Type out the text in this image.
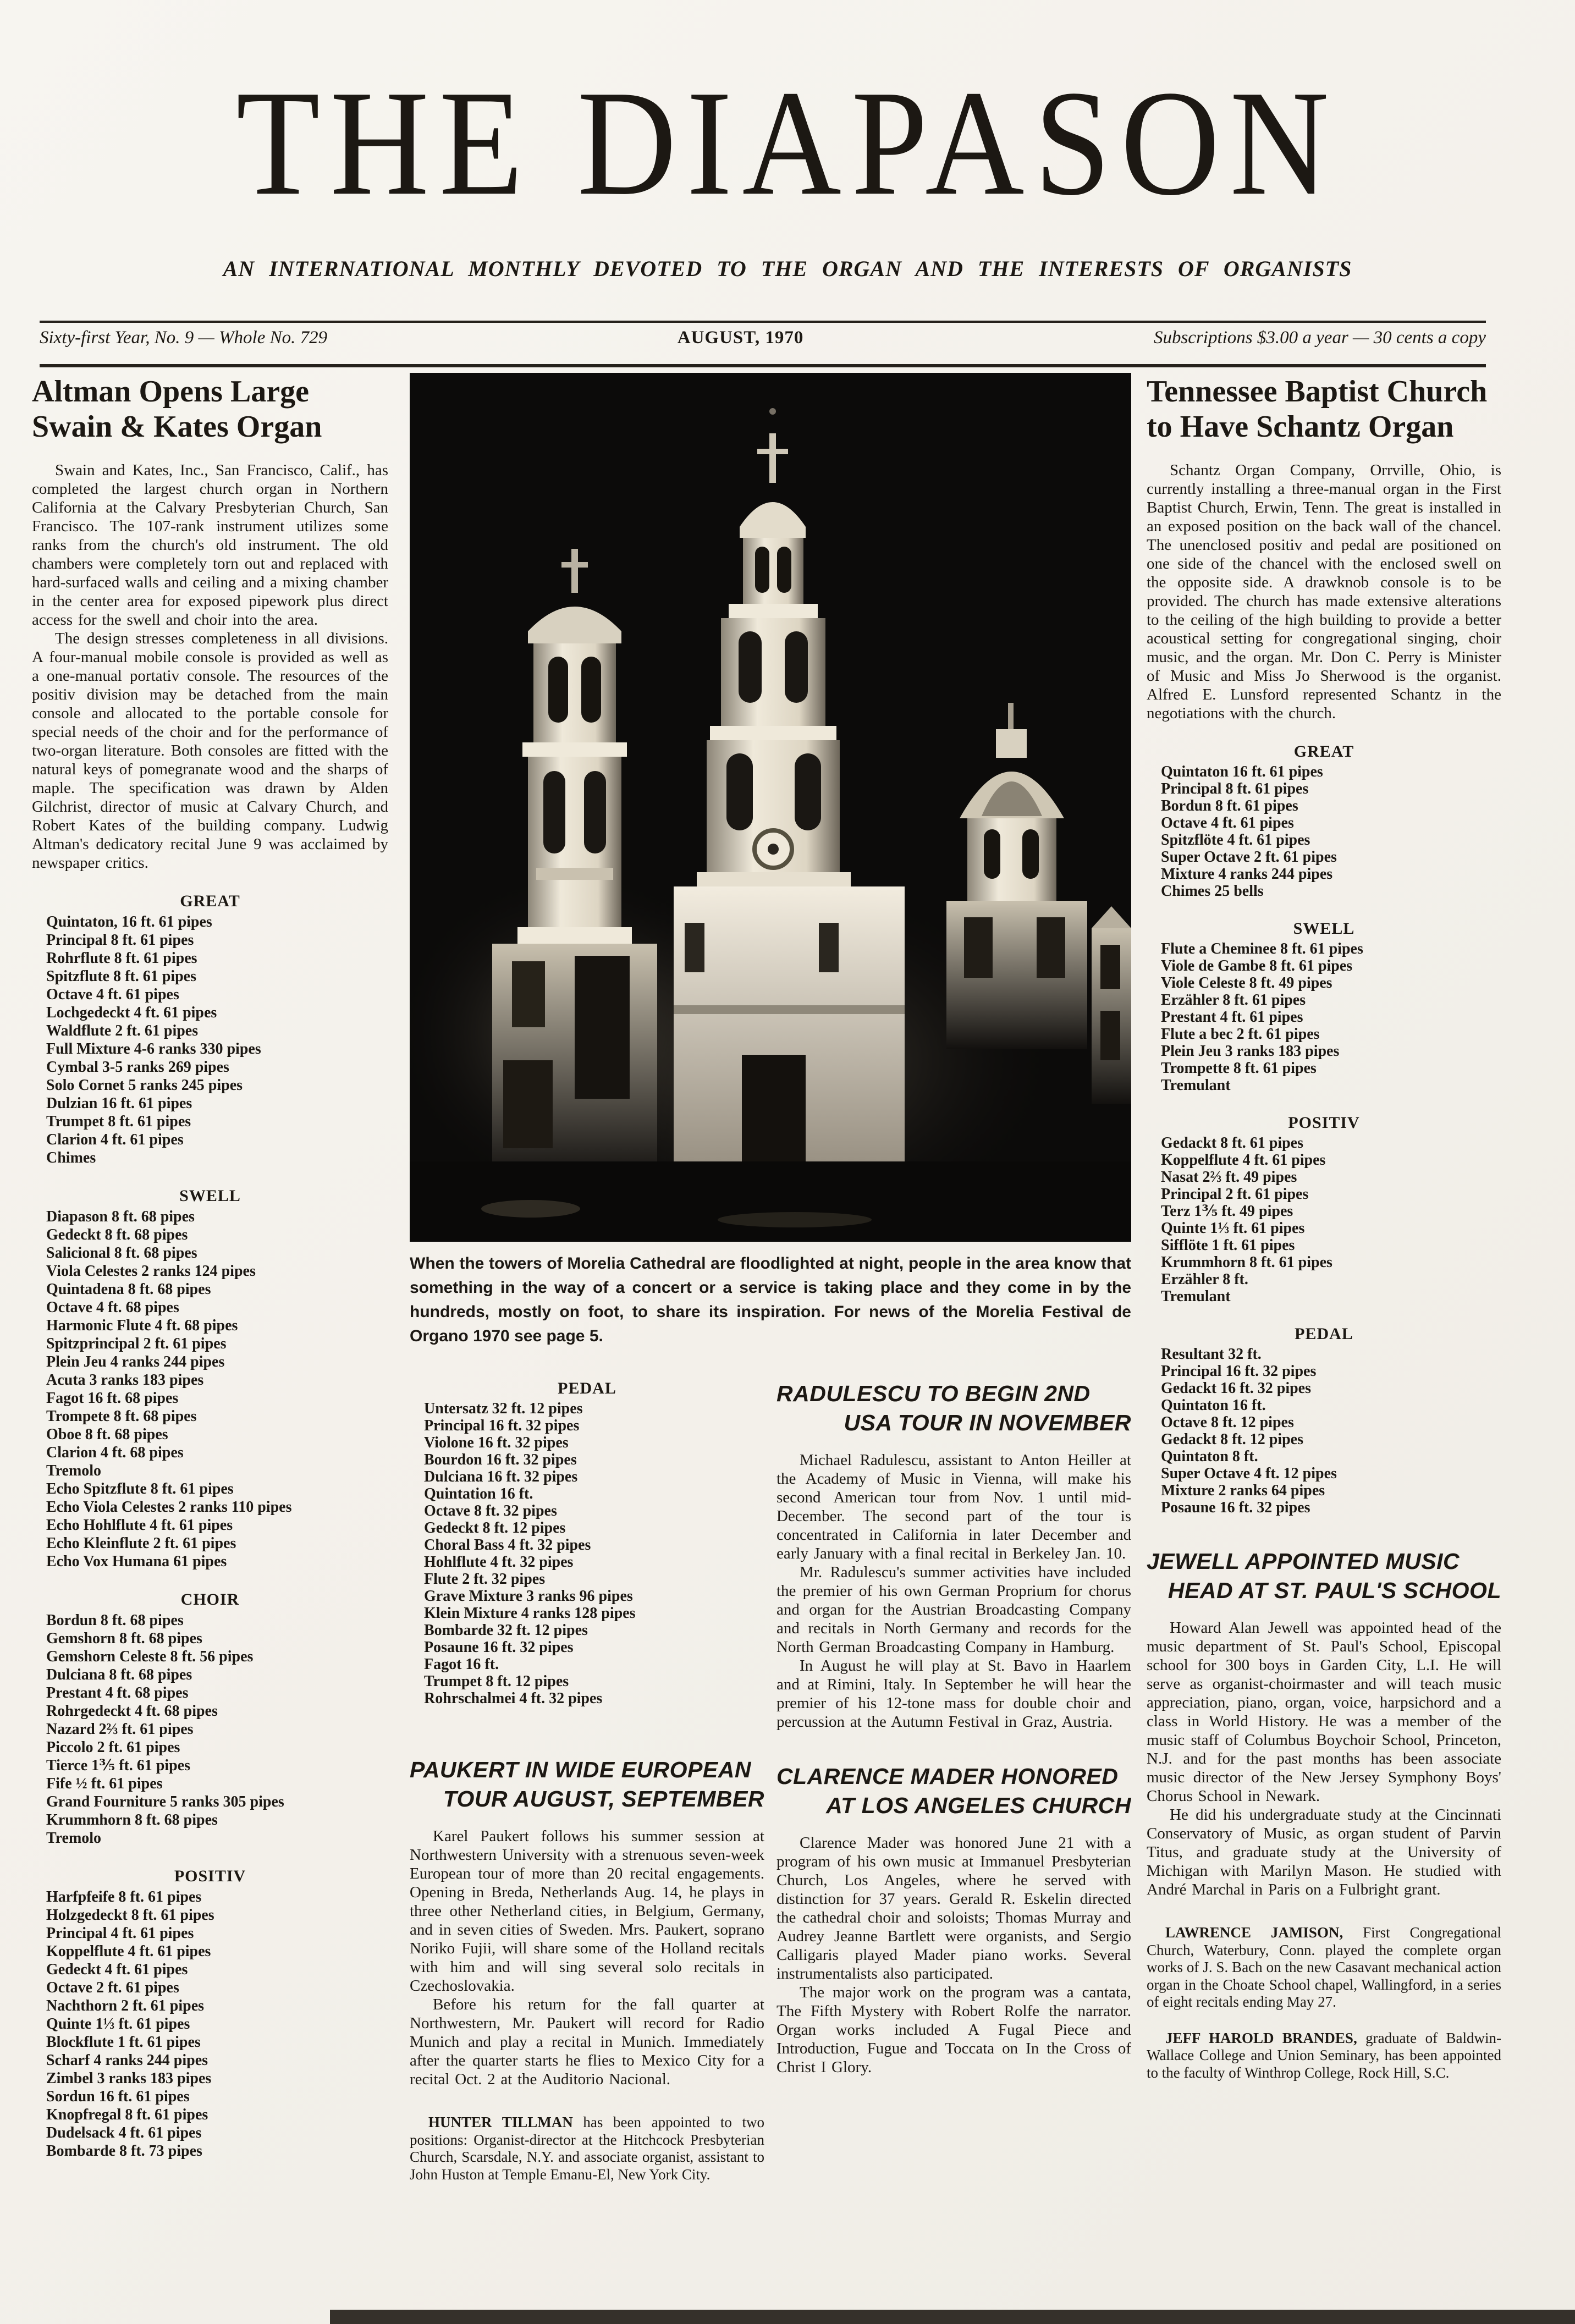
THE DIAPASON
AN INTERNATIONAL MONTHLY DEVOTED TO THE ORGAN AND THE INTERESTS OF ORGANISTS
Sixty-first Year, No. 9 — Whole No. 729	AUGUST, 1970	Subscriptions $3.00 a year — 30 cents a copy
Altman Opens Large
Swain & Kates Organ

Swain and Kates, Inc., San Francisco, Calif., has completed the largest church organ in Northern California at the Calvary Presbyterian Church, San Francisco. The 107-rank instrument utilizes some ranks from the church's old instrument. The old chambers were completely torn out and replaced with hard-surfaced walls and ceiling and a mixing chamber in the center area for exposed pipework plus direct access for the swell and choir into the area.

The design stresses completeness in all divisions. A four-manual mobile console is provided as well as a one-manual portativ console. The resources of the positiv division may be detached from the main console and allocated to the portable console for special needs of the choir and for the performance of two-organ literature. Both consoles are fitted with the natural keys of pomegranate wood and the sharps of maple. The specification was drawn by Alden Gilchrist, director of music at Calvary Church, and Robert Kates of the building company. Ludwig Altman's dedicatory recital June 9 was acclaimed by newspaper critics.

GREAT
Quintaton, 16 ft. 61 pipes
Principal 8 ft. 61 pipes
Rohrflute 8 ft. 61 pipes
Spitzflute 8 ft. 61 pipes
Octave 4 ft. 61 pipes
Lochgedeckt 4 ft. 61 pipes
Waldflute 2 ft. 61 pipes
Full Mixture 4-6 ranks 330 pipes
Cymbal 3-5 ranks 269 pipes
Solo Cornet 5 ranks 245 pipes
Dulzian 16 ft. 61 pipes
Trumpet 8 ft. 61 pipes
Clarion 4 ft. 61 pipes
Chimes
SWELL
Diapason 8 ft. 68 pipes
Gedeckt 8 ft. 68 pipes
Salicional 8 ft. 68 pipes
Viola Celestes 2 ranks 124 pipes
Quintadena 8 ft. 68 pipes
Octave 4 ft. 68 pipes
Harmonic Flute 4 ft. 68 pipes
Spitzprincipal 2 ft. 61 pipes
Plein Jeu 4 ranks 244 pipes
Acuta 3 ranks 183 pipes
Fagot 16 ft. 68 pipes
Trompete 8 ft. 68 pipes
Oboe 8 ft. 68 pipes
Clarion 4 ft. 68 pipes
Tremolo
Echo Spitzflute 8 ft. 61 pipes
Echo Viola Celestes 2 ranks 110 pipes
Echo Hohlflute 4 ft. 61 pipes
Echo Kleinflute 2 ft. 61 pipes
Echo Vox Humana 61 pipes
CHOIR
Bordun 8 ft. 68 pipes
Gemshorn 8 ft. 68 pipes
Gemshorn Celeste 8 ft. 56 pipes
Dulciana 8 ft. 68 pipes
Prestant 4 ft. 68 pipes
Rohrgedeckt 4 ft. 68 pipes
Nazard 2⅔ ft. 61 pipes
Piccolo 2 ft. 61 pipes
Tierce 1⅗ ft. 61 pipes
Fife ½ ft. 61 pipes
Grand Fourniture 5 ranks 305 pipes
Krummhorn 8 ft. 68 pipes
Tremolo
POSITIV
Harfpfeife 8 ft. 61 pipes
Holzgedeckt 8 ft. 61 pipes
Principal 4 ft. 61 pipes
Koppelflute 4 ft. 61 pipes
Gedeckt 4 ft. 61 pipes
Octave 2 ft. 61 pipes
Nachthorn 2 ft. 61 pipes
Quinte 1⅓ ft. 61 pipes
Blockflute 1 ft. 61 pipes
Scharf 4 ranks 244 pipes
Zimbel 3 ranks 183 pipes
Sordun 16 ft. 61 pipes
Knopfregal 8 ft. 61 pipes
Dudelsack 4 ft. 61 pipes
Bombarde 8 ft. 73 pipes

When the towers of Morelia Cathedral are floodlighted at night, people in the area know that something in the way of a concert or a service is taking place and they come in by the hundreds, mostly on foot, to share its inspiration. For news of the Morelia Festival de Organo 1970 see page 5.

PEDAL
Untersatz 32 ft. 12 pipes
Principal 16 ft. 32 pipes
Violone 16 ft. 32 pipes
Bourdon 16 ft. 32 pipes
Dulciana 16 ft. 32 pipes
Quintation 16 ft.
Octave 8 ft. 32 pipes
Gedeckt 8 ft. 12 pipes
Choral Bass 4 ft. 32 pipes
Hohlflute 4 ft. 32 pipes
Flute 2 ft. 32 pipes
Grave Mixture 3 ranks 96 pipes
Klein Mixture 4 ranks 128 pipes
Bombarde 32 ft. 12 pipes
Posaune 16 ft. 32 pipes
Fagot 16 ft.
Trumpet 8 ft. 12 pipes
Rohrschalmei 4 ft. 32 pipes
PAUKERT IN WIDE EUROPEAN
TOUR AUGUST, SEPTEMBER

Karel Paukert follows his summer session at Northwestern University with a strenuous seven-week European tour of more than 20 recital engagements. Opening in Breda, Netherlands Aug. 14, he plays in three other Netherland cities, in Belgium, Germany, and in seven cities of Sweden. Mrs. Paukert, soprano Noriko Fujii, will share some of the Holland recitals with him and will sing several solo recitals in Czechoslovakia.

Before his return for the fall quarter at Northwestern, Mr. Paukert will record for Radio Munich and play a recital in Munich. Immediately after the quarter starts he flies to Mexico City for a recital Oct. 2 at the Auditorio Nacional.

HUNTER TILLMAN has been appointed to two positions: Organist-director at the Hitchcock Presbyterian Church, Scarsdale, N.Y. and associate organist, assistant to John Huston at Temple Emanu-El, New York City.

RADULESCU TO BEGIN 2ND
USA TOUR IN NOVEMBER

Michael Radulescu, assistant to Anton Heiller at the Academy of Music in Vienna, will make his second American tour from Nov. 1 until mid-December. The second part of the tour is concentrated in California in later December and early January with a final recital in Berkeley Jan. 10.

Mr. Radulescu's summer activities have included the premier of his own German Proprium for chorus and organ for the Austrian Broadcasting Company and recitals in North Germany and records for the North German Broadcasting Company in Hamburg.

In August he will play at St. Bavo in Haarlem and at Rimini, Italy. In September he will hear the premier of his 12-tone mass for double choir and percussion at the Autumn Festival in Graz, Austria.

CLARENCE MADER HONORED
AT LOS ANGELES CHURCH

Clarence Mader was honored June 21 with a program of his own music at Immanuel Presbyterian Church, Los Angeles, where he served with distinction for 37 years. Gerald R. Eskelin directed the cathedral choir and soloists; Thomas Murray and Audrey Jeanne Bartlett were organists, and Sergio Calligaris played Mader piano works. Several instrumentalists also participated.

The major work on the program was a cantata, The Fifth Mystery with Robert Rolfe the narrator. Organ works included A Fugal Piece and Introduction, Fugue and Toccata on In the Cross of Christ I Glory.

Tennessee Baptist Church
to Have Schantz Organ

Schantz Organ Company, Orrville, Ohio, is currently installing a three-manual organ in the First Baptist Church, Erwin, Tenn. The great is installed in an exposed position on the back wall of the chancel. The unenclosed positiv and pedal are positioned on one side of the chancel with the enclosed swell on the opposite side. A drawknob console is to be provided. The church has made extensive alterations to the ceiling of the high building to provide a better acoustical setting for congregational singing, choir music, and the organ. Mr. Don C. Perry is Minister of Music and Miss Jo Sherwood is the organist. Alfred E. Lunsford represented Schantz in the negotiations with the church.

GREAT
Quintaton 16 ft. 61 pipes
Principal 8 ft. 61 pipes
Bordun 8 ft. 61 pipes
Octave 4 ft. 61 pipes
Spitzflöte 4 ft. 61 pipes
Super Octave 2 ft. 61 pipes
Mixture 4 ranks 244 pipes
Chimes 25 bells
SWELL
Flute a Cheminee 8 ft. 61 pipes
Viole de Gambe 8 ft. 61 pipes
Viole Celeste 8 ft. 49 pipes
Erzähler 8 ft. 61 pipes
Prestant 4 ft. 61 pipes
Flute a bec 2 ft. 61 pipes
Plein Jeu 3 ranks 183 pipes
Trompette 8 ft. 61 pipes
Tremulant
POSITIV
Gedackt 8 ft. 61 pipes
Koppelflute 4 ft. 61 pipes
Nasat 2⅔ ft. 49 pipes
Principal 2 ft. 61 pipes
Terz 1⅗ ft. 49 pipes
Quinte 1⅓ ft. 61 pipes
Sifflöte 1 ft. 61 pipes
Krummhorn 8 ft. 61 pipes
Erzähler 8 ft.
Tremulant
PEDAL
Resultant 32 ft.
Principal 16 ft. 32 pipes
Gedackt 16 ft. 32 pipes
Quintaton 16 ft.
Octave 8 ft. 12 pipes
Gedackt 8 ft. 12 pipes
Quintaton 8 ft.
Super Octave 4 ft. 12 pipes
Mixture 2 ranks 64 pipes
Posaune 16 ft. 32 pipes
JEWELL APPOINTED MUSIC
HEAD AT ST. PAUL'S SCHOOL

Howard Alan Jewell was appointed head of the music department of St. Paul's School, Episcopal school for 300 boys in Garden City, L.I. He will serve as organist-choirmaster and will teach music appreciation, piano, organ, voice, harpsichord and a class in World History. He was a member of the music staff of Columbus Boychoir School, Princeton, N.J. and for the past months has been associate music director of the New Jersey Symphony Boys' Chorus School in Newark.

He did his undergraduate study at the Cincinnati Conservatory of Music, as organ student of Parvin Titus, and graduate study at the University of Michigan with Marilyn Mason. He studied with André Marchal in Paris on a Fulbright grant.

LAWRENCE JAMISON, First Congregational Church, Waterbury, Conn. played the complete organ works of J. S. Bach on the new Casavant mechanical action organ in the Choate School chapel, Wallingford, in a series of eight recitals ending May 27.

JEFF HAROLD BRANDES, graduate of Baldwin-Wallace College and Union Seminary, has been appointed to the faculty of Winthrop College, Rock Hill, S.C.
